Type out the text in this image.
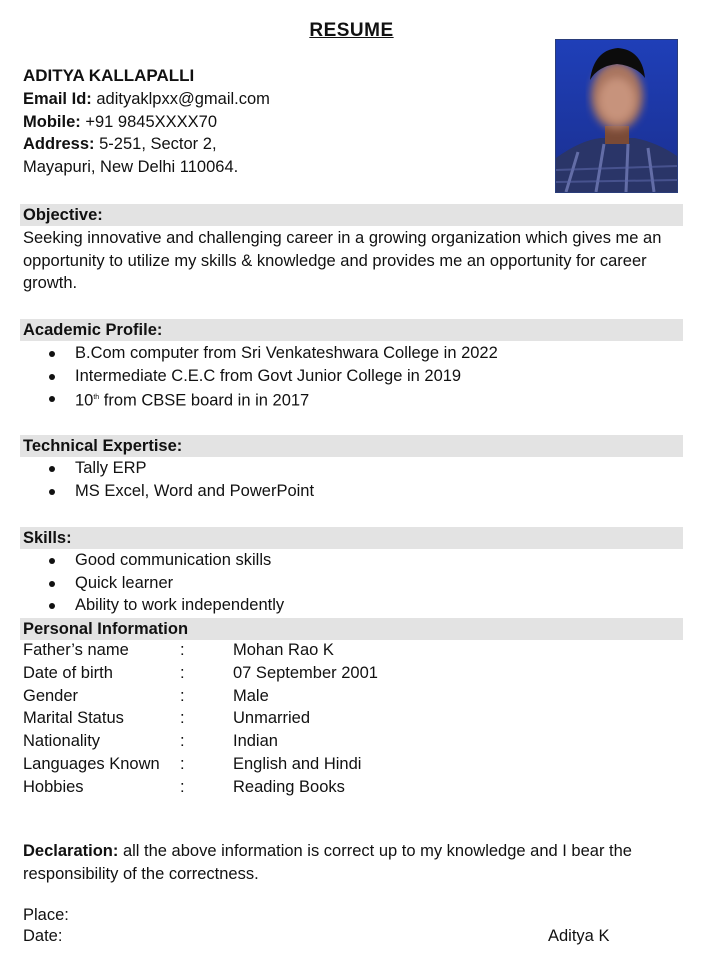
RESUME
ADITYA KALLAPALLI
Email Id: adityaklpxx@gmail.com
Mobile: +91 9845XXXX70
Address: 5-251, Sector 2,
Mayapuri, New Delhi 110064.
Objective:
Seeking innovative and challenging career in a growing organization which gives me an opportunity to utilize my skills & knowledge and provides me an opportunity for career growth.
Academic Profile:
B.Com computer from Sri Venkateshwara College in 2022
Intermediate C.E.C from Govt Junior College in 2019
10th from CBSE board in in 2017
Technical Expertise:
Tally ERP
MS Excel, Word and PowerPoint
Skills:
Good communication skills
Quick learner
Ability to work independently
Personal Information
Father’s name	:	Mohan Rao K
Date of birth	:	07 September 2001
Gender	:	Male
Marital Status	:	Unmarried
Nationality	:	Indian
Languages Known :	English and Hindi
Hobbies	:	Reading Books
Declaration: all the above information is correct up to my knowledge and I bear the responsibility of the correctness.
Place:
Date:	Aditya K
